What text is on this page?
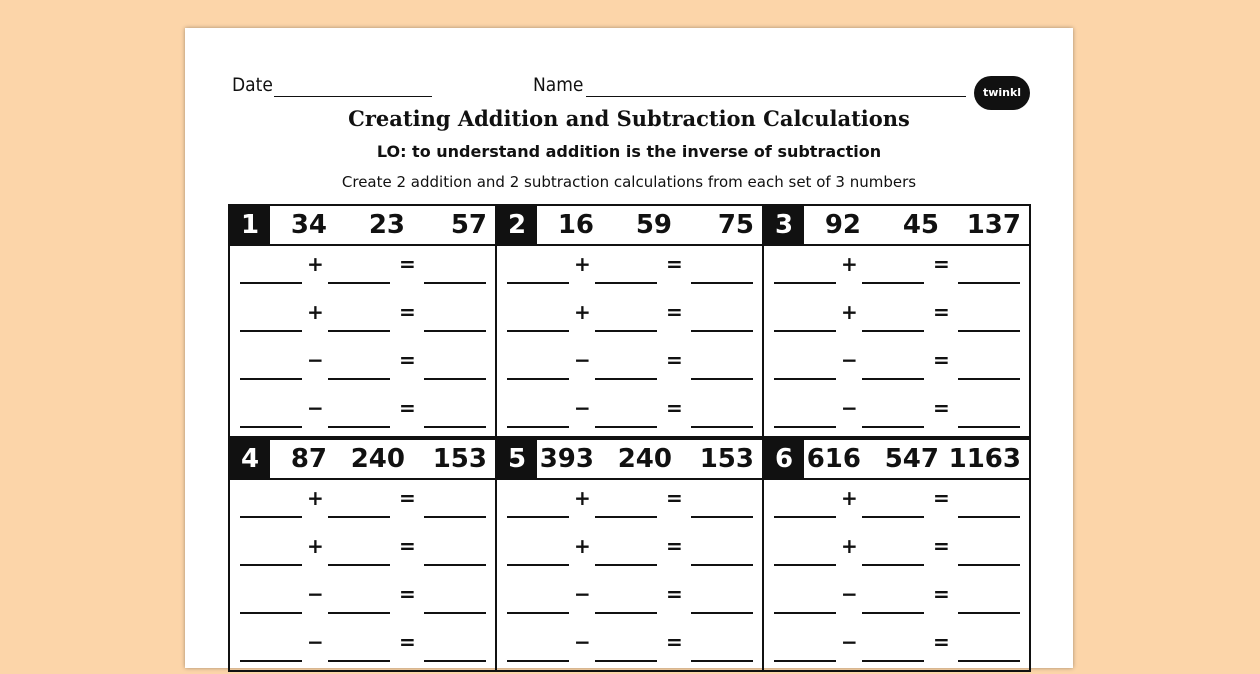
Date	Name	twinkl
Creating Addition and Subtraction Calculations
LO: to understand addition is the inverse of subtraction
Create 2 addition and 2 subtraction calculations from each set of 3 numbers
1	34 23 57
+	=
+	=
−	=
−	=
2	16 59 75
+	=
+	=
−	=
−	=
3	92 45 137
+	=
+	=
−	=
−	=
4	87 240 153
+	=
+	=
−	=
−	=
5 393 240 153
+	=
+	=
−	=
−	=
6 616 547 1163
+	=
+	=
−	=
−	=
